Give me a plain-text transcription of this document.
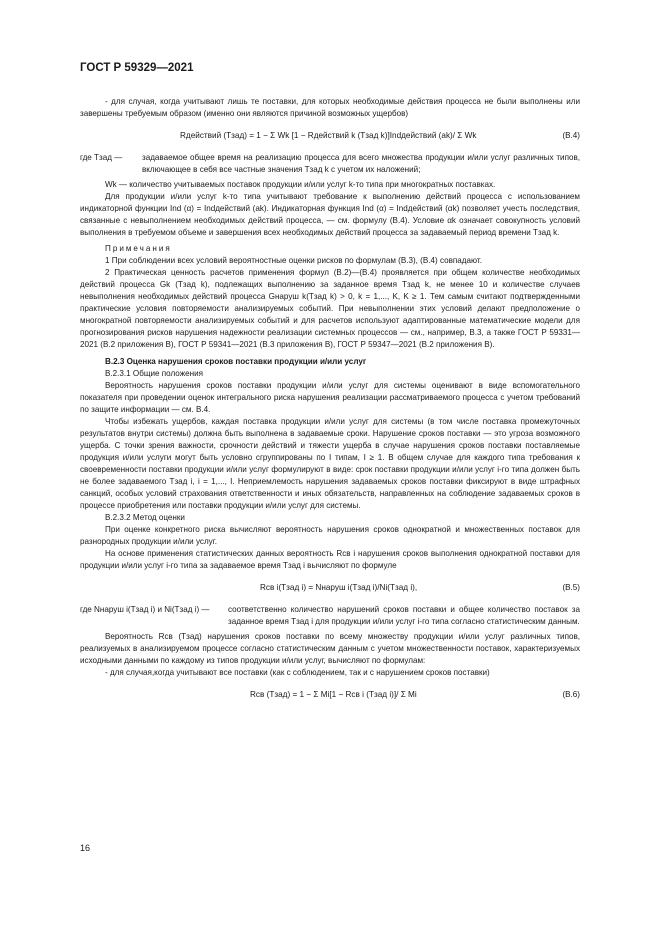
ГОСТ Р 59329—2021

- для случая, когда учитывают лишь те поставки, для которых необходимые действия процесса не были выполнены или завершены требуемым образом (именно они являются причиной возможных ущербов)

Rдействий (Tзад) = 1 − Σ Wk [1 − Rдействий k (Tзад k)]Indдействий (ak)/ Σ Wk	(В.4)
где Tзад —	задаваемое общее время на реализацию процесса для всего множества продукции и/или услуг различных типов, включающее в себя все частные значения Tзад k с учетом их наложений;

Wk — количество учитываемых поставок продукции и/или услуг k-то типа при многократных поставках.

Для продукции и/или услуг k-то типа учитывают требование к выполнению действий процесса с использованием индикаторной функции Ind (α) = Indдействий (ak). Индикаторная функция Ind (α) = Indдействий (αk) позволяет учесть последствия, связанные с невыполнением необходимых действий процесса, — см. формулу (В.4). Условие αk означает совокупность условий выполнения в требуемом объеме и завершения всех необходимых действий процесса за задаваемый период времени Tзад k.

Примечания

1 При соблюдении всех условий вероятностные оценки рисков по формулам (В.3), (В.4) совпадают.

2 Практическая ценность расчетов применения формул (В.2)—(В.4) проявляется при общем количестве необходимых действий процесса Gk (Tзад k), подлежащих выполнению за заданное время Tзад k, не менее 10 и количестве случаев невыполнения необходимых действий процесса Gнаруш k(Tзад k) > 0, k = 1,..., K, K ≥ 1. Тем самым считают подтвержденными практические условия повторяемости анализируемых событий. При невыполнении этих условий делают предположение о многократной повторяемости анализируемых событий и для расчетов используют адаптированные математические модели для прогнозирования рисков нарушения надежности реализации системных процессов — см., например, В.3, а также ГОСТ Р 59331—2021 (В.2 приложения В), ГОСТ Р 59341—2021 (В.3 приложения В), ГОСТ Р 59347—2021 (В.2 приложения В).

В.2.3 Оценка нарушения сроков поставки продукции и/или услуг

В.2.3.1 Общие положения

Вероятность нарушения сроков поставки продукции и/или услуг для системы оценивают в виде вспомогательного показателя при проведении оценок интегрального риска нарушения реализации рассматриваемого процесса с учетом требований по защите информации — см. В.4.

Чтобы избежать ущербов, каждая поставка продукции и/или услуг для системы (в том числе поставка промежуточных результатов внутри системы) должна быть выполнена в задаваемые сроки. Нарушение сроков поставки — это угроза возможного ущерба. С точки зрения важности, срочности действий и тяжести ущерба в случае нарушения сроков поставки поставляемые продукция и/или услуги могут быть условно сгруппированы по I типам, I ≥ 1. В общем случае для каждого типа требования к своевременности поставки продукции и/или услуг формулируют в виде: срок поставки продукции и/или услуг i-го типа должен быть не более задаваемого Tзад i, i = 1,..., I. Неприемлемость нарушения задаваемых сроков поставки фиксируют в виде штрафных санкций, особых условий страхования ответственности и иных обязательств, направленных на соблюдение задаваемых сроков в процессе приобретения или поставки продукции и/или услуг для системы.

В.2.3.2 Метод оценки

При оценке конкретного риска вычисляют вероятность нарушения сроков однократной и множественных поставок для разнородных продукции и/или услуг.

На основе применения статистических данных вероятность Rсв i нарушения сроков выполнения однократной поставки для продукции и/или услуг i-го типа за задаваемое время Tзад i вычисляют по формуле

Rсв i(Tзад i) = Nнаруш i(Tзад i)/Ni(Tзад i),	(В.5)
где Nнаруш i(Tзад i) и Ni(Tзад i) —	соответственно количество нарушений сроков поставки и общее количество поставок за заданное время Tзад i для продукции и/или услуг i-го типа согласно статистическим данным.

Вероятность Rсв (Tзад) нарушения сроков поставки по всему множеству продукции и/или услуг различных типов, реализуемых в анализируемом процессе согласно статистическим данным с учетом множественности поставок, характеризуемых исходными данными по каждому из типов продукции и/или услуг, вычисляют по формулам:

- для случая,когда учитывают все поставки (как с соблюдением, так и с нарушением сроков поставки)

Rсв (Tзад) = 1 − Σ Mi[1 − Rсв i (Tзад i)]/ Σ Mi	(В.6)

16
